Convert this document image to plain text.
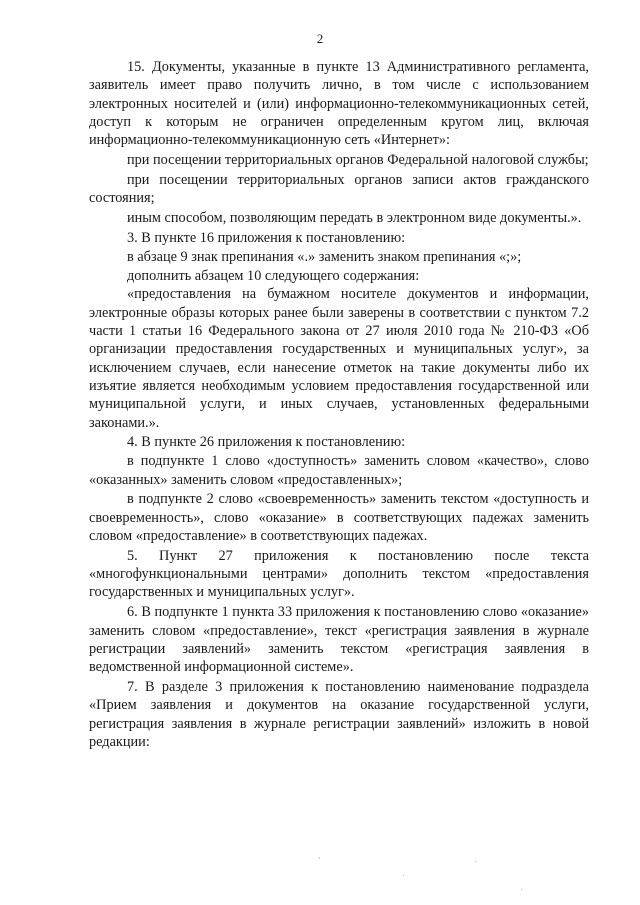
2

15. Документы, указанные в пункте 13 Административного регламента, заявитель имеет право получить лично, в том числе с использованием электронных носителей и (или) информационно-телекоммуникационных сетей, доступ к которым не ограничен определенным кругом лиц, включая информационно-телекоммуникационную сеть «Интернет»:

при посещении территориальных органов Федеральной налоговой службы;

при посещении территориальных органов записи актов гражданского состояния;

иным способом, позволяющим передать в электронном виде документы.».

3. В пункте 16 приложения к постановлению:

в абзаце 9 знак препинания «.» заменить знаком препинания «;»;

дополнить абзацем 10 следующего содержания:

«предоставления на бумажном носителе документов и информации, электронные образы которых ранее были заверены в соответствии с пунктом 7.2 части 1 статьи 16 Федерального закона от 27 июля 2010 года № 210-ФЗ «Об организации предоставления государственных и муниципальных услуг», за исключением случаев, если нанесение отметок на такие документы либо их изъятие является необходимым условием предоставления государственной или муниципальной услуги, и иных случаев, установленных федеральными законами.».

4. В пункте 26 приложения к постановлению:

в подпункте 1 слово «доступность» заменить словом «качество», слово «оказанных» заменить словом «предоставленных»;

в подпункте 2 слово «своевременность» заменить текстом «доступность и своевременность», слово «оказание» в соответствующих падежах заменить словом «предоставление» в соответствующих падежах.

5. Пункт 27 приложения к постановлению после текста «многофункциональными центрами» дополнить текстом «предоставления государственных и муниципальных услуг».

6. В подпункте 1 пункта 33 приложения к постановлению слово «оказание» заменить словом «предоставление», текст «регистрация заявления в журнале регистрации заявлений» заменить текстом «регистрация заявления в ведомственной информационной системе».

7. В разделе 3 приложения к постановлению наименование подраздела «Прием заявления и документов на оказание государственной услуги, регистрация заявления в журнале регистрации заявлений» изложить в новой редакции:

,
·
·
·
